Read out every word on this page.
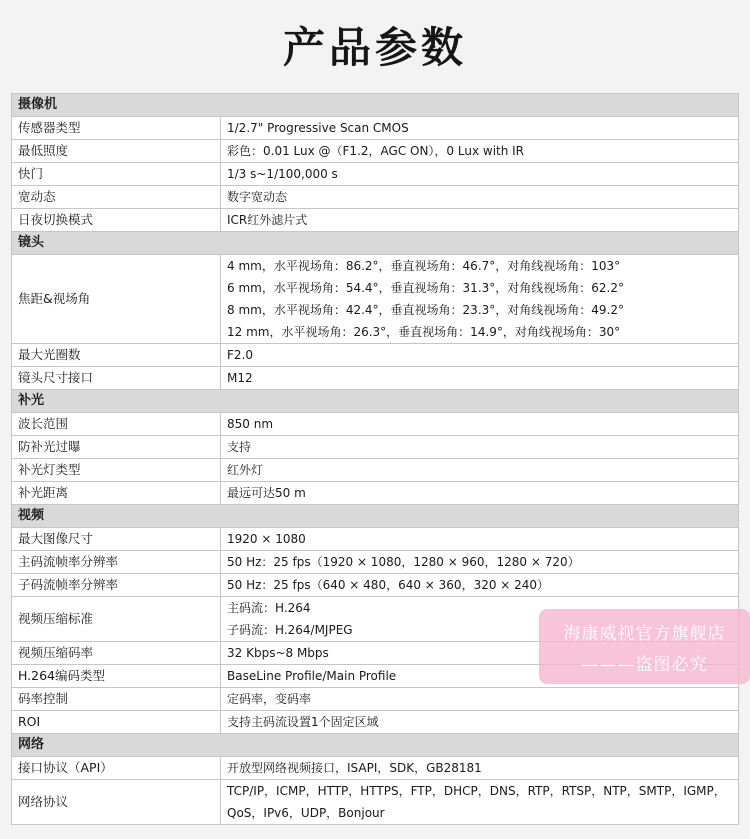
产品参数
摄像机	
传感器类型	1/2.7" Progressive Scan CMOS

最低照度	彩色：0.01 Lux @（F1.2，AGC ON），0 Lux with IR

快门	1/3 s~1/100,000 s

宽动态	数字宽动态

日夜切换模式	ICR红外滤片式

镜头	
焦距&视场角	4 mm，水平视场角：86.2°，垂直视场角：46.7°，对角线视场角：103°
6 mm，水平视场角：54.4°，垂直视场角：31.3°，对角线视场角：62.2°
8 mm，水平视场角：42.4°，垂直视场角：23.3°，对角线视场角：49.2°
12 mm，水平视场角：26.3°，垂直视场角：14.9°，对角线视场角：30°

最大光圈数	F2.0

镜头尺寸接口	M12

补光	
波长范围	850 nm

防补光过曝	支持

补光灯类型	红外灯

补光距离	最远可达50 m

视频	
最大图像尺寸	1920 × 1080

主码流帧率分辨率	50 Hz：25 fps（1920 × 1080，1280 × 960，1280 × 720）

子码流帧率分辨率	50 Hz：25 fps（640 × 480，640 × 360，320 × 240）

视频压缩标准	主码流：H.264
子码流：H.264/MJPEG

视频压缩码率	32 Kbps~8 Mbps

H.264编码类型	BaseLine Profile/Main Profile

码率控制	定码率，变码率

ROI	支持主码流设置1个固定区域

网络	
接口协议（API）	开放型网络视频接口，ISAPI，SDK，GB28181

网络协议	TCP/IP，ICMP，HTTP，HTTPS，FTP，DHCP，DNS，RTP，RTSP，NTP，SMTP，IGMP，
QoS，IPv6，UDP，Bonjour
海康威视官方旗舰店
———盗图必究
